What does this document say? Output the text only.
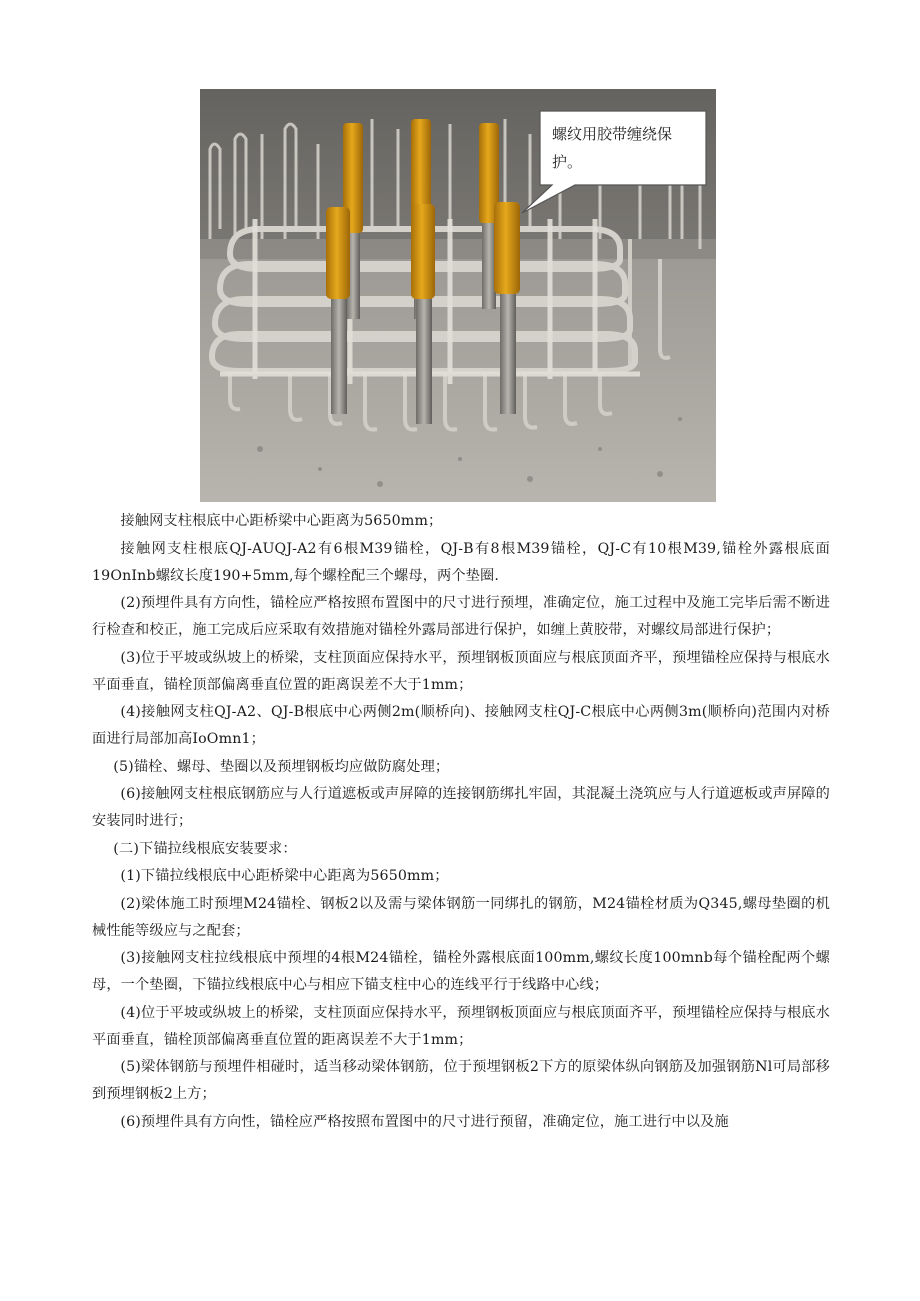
螺纹用胶带缠绕保
护。

接触网支柱根底中心距桥梁中心距离为5650mm；

接触网支柱根底QJ-AUQJ-A2有6根M39锚栓，QJ-B有8根M39锚栓，QJ-C有10根M39,锚栓外露根底面19OnInb螺纹长度190+5mm,每个螺栓配三个螺母，两个垫圈.

(2)预埋件具有方向性，锚栓应严格按照布置图中的尺寸进行预埋，准确定位，施工过程中及施工完毕后需不断进行检查和校正，施工完成后应采取有效措施对锚栓外露局部进行保护，如缠上黄胶带，对螺纹局部进行保护；

(3)位于平坡或纵坡上的桥梁，支柱顶面应保持水平，预埋钢板顶面应与根底顶面齐平，预埋锚栓应保持与根底水平面垂直，锚栓顶部偏离垂直位置的距离误差不大于1mm；

(4)接触网支柱QJ-A2、QJ-B根底中心两侧2m(顺桥向)、接触网支柱QJ-C根底中心两侧3m(顺桥向)范围内对桥面进行局部加高IoOmn1；

(5)锚栓、螺母、垫圈以及预埋钢板均应做防腐处理；

(6)接触网支柱根底钢筋应与人行道遮板或声屏障的连接钢筋绑扎牢固，其混凝土浇筑应与人行道遮板或声屏障的安装同时进行；

(二)下锚拉线根底安装要求：

(1)下锚拉线根底中心距桥梁中心距离为5650mm；

(2)梁体施工时预埋M24锚栓、钢板2以及需与梁体钢筋一同绑扎的钢筋，M24锚栓材质为Q345,螺母垫圈的机械性能等级应与之配套；

(3)接触网支柱拉线根底中预埋的4根M24锚栓，锚栓外露根底面100mm,螺纹长度100mnb每个锚栓配两个螺母，一个垫圈，下锚拉线根底中心与相应下锚支柱中心的连线平行于线路中心线；

(4)位于平坡或纵坡上的桥梁，支柱顶面应保持水平，预埋钢板顶面应与根底顶面齐平，预埋锚栓应保持与根底水平面垂直，锚栓顶部偏离垂直位置的距离误差不大于1mm；

(5)梁体钢筋与预埋件相碰时，适当移动梁体钢筋，位于预埋钢板2下方的原梁体纵向钢筋及加强钢筋Nl可局部移到预埋钢板2上方；

(6)预埋件具有方向性，锚栓应严格按照布置图中的尺寸进行预留，准确定位，施工进行中以及施
